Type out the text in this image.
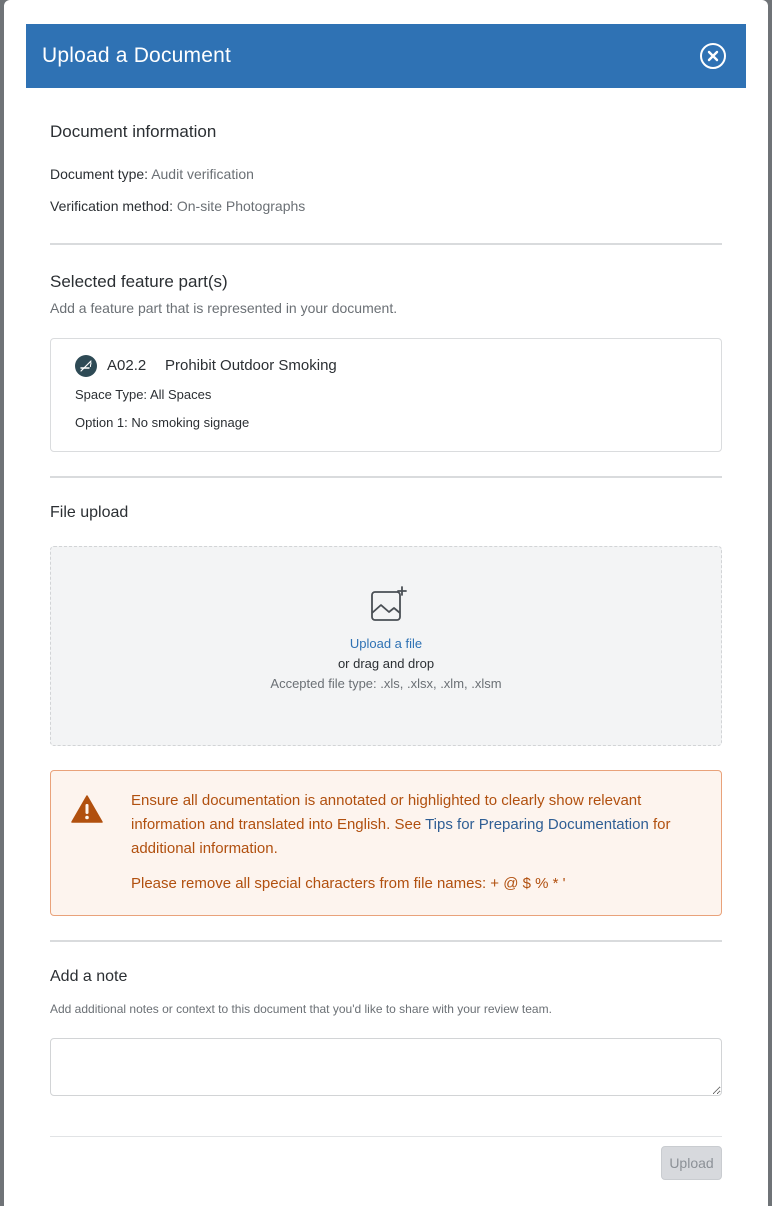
Upload a Document
Document information
Document type: Audit verification
Verification method: On-site Photographs
Selected feature part(s)
Add a feature part that is represented in your document.
A02.2 Prohibit Outdoor Smoking
Space Type: All Spaces
Option 1: No smoking signage
File upload
Upload a file
or drag and drop
Accepted file type: .xls, .xlsx, .xlm, .xlsm
Ensure all documentation is annotated or highlighted to clearly show relevant information and translated into English. See Tips for Preparing Documentation for additional information.
Please remove all special characters from file names: + @ $ % * '
Add a note
Add additional notes or context to this document that you'd like to share with your review team.
Upload
